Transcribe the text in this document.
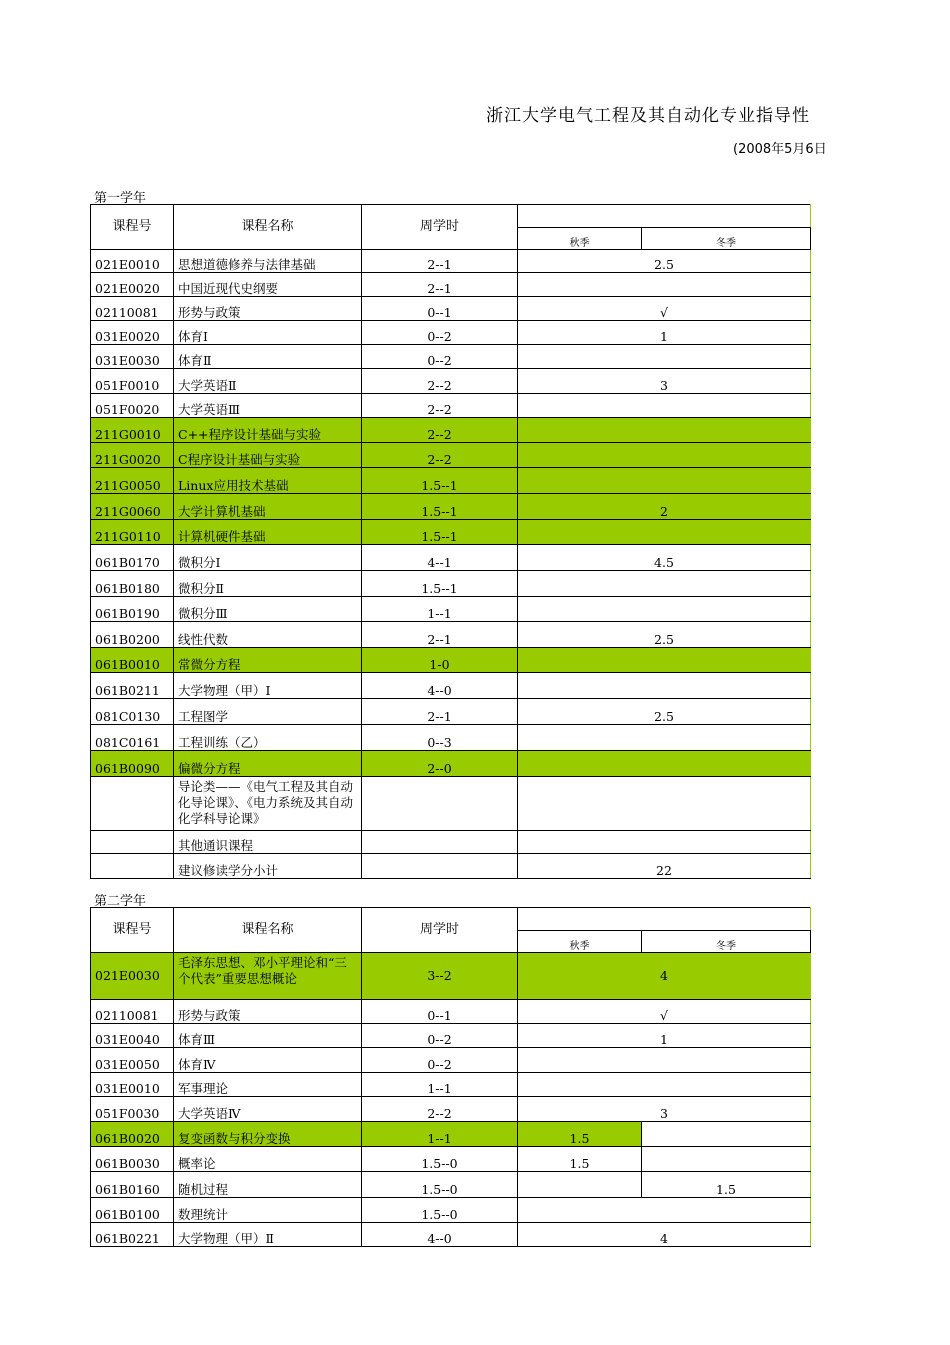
浙江大学电气工程及其自动化专业指导性
(2008年5月6日
第一学年
课程号	课程名称	周学时		
			秋季	冬季
021E0010	思想道德修养与法律基础	2--1	2.5	
021E0020	中国近现代史纲要	2--1		
02110081	形势与政策	0--1	√	
031E0020	体育Ⅰ	0--2	1	
031E0030	体育Ⅱ	0--2		
051F0010	大学英语Ⅱ	2--2	3	
051F0020	大学英语Ⅲ	2--2		
211G0010	C++程序设计基础与实验	2--2		
211G0020	C程序设计基础与实验	2--2		
211G0050	Linux应用技术基础	1.5--1		
211G0060	大学计算机基础	1.5--1	2	
211G0110	计算机硬件基础	1.5--1		
061B0170	微积分Ⅰ	4--1	4.5	
061B0180	微积分Ⅱ	1.5--1		
061B0190	微积分Ⅲ	1--1		
061B0200	线性代数	2--1	2.5	
061B0010	常微分方程	1-0		
061B0211	大学物理（甲）Ⅰ	4--0		
081C0130	工程图学	2--1	2.5	
081C0161	工程训练（乙）	0--3		
061B0090	偏微分方程	2--0		
	导论类——《电气工程及其自动化导论课》、《电力系统及其自动化学科导论课》			
	其他通识课程			
	建议修读学分小计		22	
第二学年
课程号	课程名称	周学时		
			秋季	冬季
021E0030	毛泽东思想、邓小平理论和“三个代表”重要思想概论	3--2	4	
02110081	形势与政策	0--1	√	
031E0040	体育Ⅲ	0--2	1	
031E0050	体育Ⅳ	0--2		
031E0010	军事理论	1--1		
051F0030	大学英语Ⅳ	2--2	3	
061B0020	复变函数与积分变换	1--1	1.5	
061B0030	概率论	1.5--0	1.5	
061B0160	随机过程	1.5--0		1.5
061B0100	数理统计	1.5--0		
061B0221	大学物理（甲）Ⅱ	4--0	4	
